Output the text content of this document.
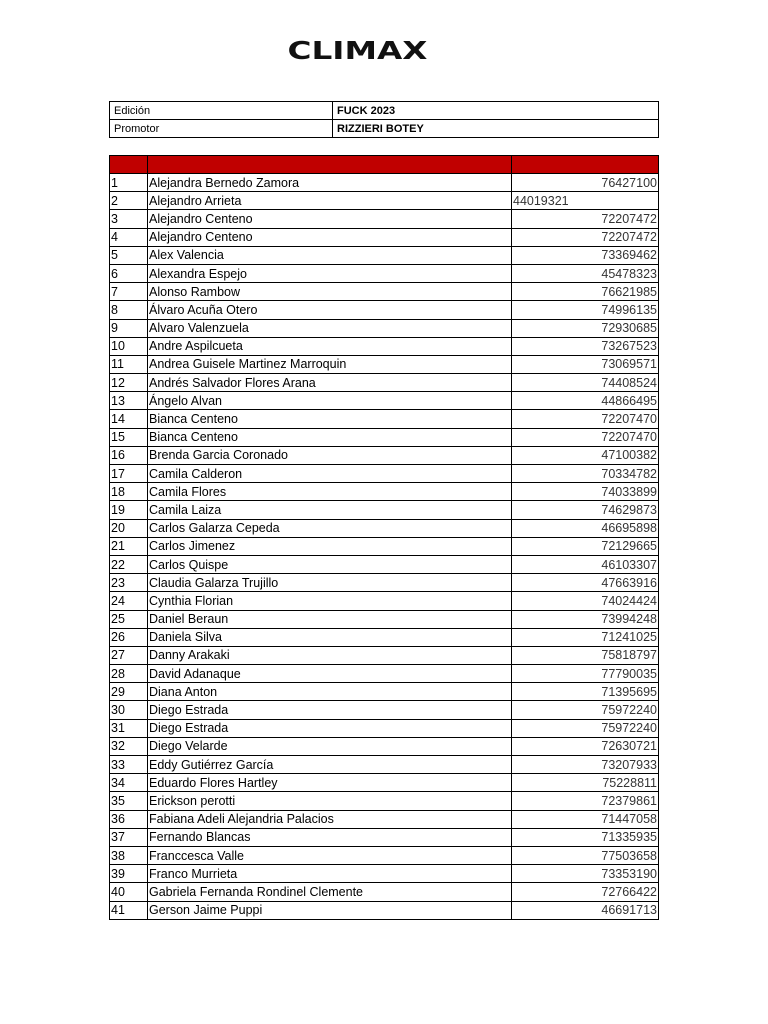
CLIMAX
Edición	FUCK 2023
Promotor	RIZZIERI BOTEY

1	Alejandra Bernedo Zamora	76427100
2	Alejandro Arrieta	44019321
3	Alejandro Centeno	72207472
4	Alejandro Centeno	72207472
5	Alex Valencia	73369462
6	Alexandra Espejo	45478323
7	Alonso Rambow	76621985
8	Álvaro Acuña Otero	74996135
9	Alvaro Valenzuela	72930685
10	Andre Aspilcueta	73267523
11	Andrea Guisele Martinez Marroquin	73069571
12	Andrés Salvador Flores Arana	74408524
13	Ángelo Alvan	44866495
14	Bianca Centeno	72207470
15	Bianca Centeno	72207470
16	Brenda Garcia Coronado	47100382
17	Camila Calderon	70334782
18	Camila Flores	74033899
19	Camila Laiza	74629873
20	Carlos Galarza Cepeda	46695898
21	Carlos Jimenez	72129665
22	Carlos Quispe	46103307
23	Claudia Galarza Trujillo	47663916
24	Cynthia Florian	74024424
25	Daniel Beraun	73994248
26	Daniela Silva	71241025
27	Danny Arakaki	75818797
28	David Adanaque	77790035
29	Diana Anton	71395695
30	Diego Estrada	75972240
31	Diego Estrada	75972240
32	Diego Velarde	72630721
33	Eddy Gutiérrez García	73207933
34	Eduardo Flores Hartley	75228811
35	Erickson perotti	72379861
36	Fabiana Adeli Alejandria Palacios	71447058
37	Fernando Blancas	71335935
38	Franccesca Valle	77503658
39	Franco Murrieta	73353190
40	Gabriela Fernanda Rondinel Clemente	72766422
41	Gerson Jaime Puppi	46691713
